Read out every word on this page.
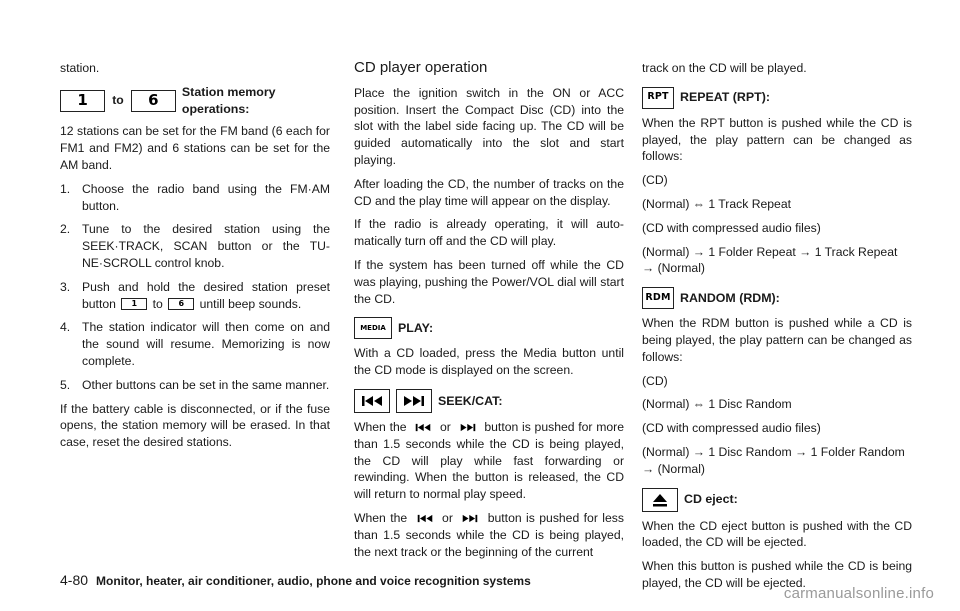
station.

1	to	6	Station memory operations:

12 stations can be set for the FM band (6 each for FM1 and FM2) and 6 stations can be set for the AM band.

1. Choose the radio band using the FM·AM button.
2. Tune to the desired station using the SEEK·TRACK, SCAN button or the TU-NE·SCROLL control knob.
3. Push and hold the desired station preset button 1 to 6 untill beep sounds.
4. The station indicator will then come on and the sound will resume. Memorizing is now complete.
5. Other buttons can be set in the same manner.

If the battery cable is disconnected, or if the fuse opens, the station memory will be erased. In that case, reset the desired stations.

CD player operation

Place the ignition switch in the ON or ACC position. Insert the Compact Disc (CD) into the slot with the label side facing up. The CD will be guided automatically into the slot and start playing.

After loading the CD, the number of tracks on the CD and the play time will appear on the display.

If the radio is already operating, it will auto-matically turn off and the CD will play.

If the system has been turned off while the CD was playing, pushing the Power/VOL dial will start the CD.

MEDIA PLAY:

With a CD loaded, press the Media button until the CD mode is displayed on the screen.

SEEK/CAT:

When the	or	button is pushed for more than 1.5 seconds while the CD is being played, the CD will play while fast forwarding or rewinding. When the button is released, the CD will return to normal play speed.

When the	or	button is pushed for less than 1.5 seconds while the CD is being played, the next track or the beginning of the current

track on the CD will be played.

RPT REPEAT (RPT):

When the RPT button is pushed while the CD is played, the play pattern can be changed as follows:

(CD)

(Normal) ⇔ 1 Track Repeat

(CD with compressed audio files)

(Normal) → 1 Folder Repeat → 1 Track Repeat → (Normal)

RDM RANDOM (RDM):

When the RDM button is pushed while a CD is being played, the play pattern can be changed as follows:

(CD)

(Normal) ⇔ 1 Disc Random

(CD with compressed audio files)

(Normal) → 1 Disc Random → 1 Folder Random → (Normal)

CD eject:

When the CD eject button is pushed with the CD loaded, the CD will be ejected.

When this button is pushed while the CD is being played, the CD will be ejected.

4-80 Monitor, heater, air conditioner, audio, phone and voice recognition systems
carmanualsonline.info
